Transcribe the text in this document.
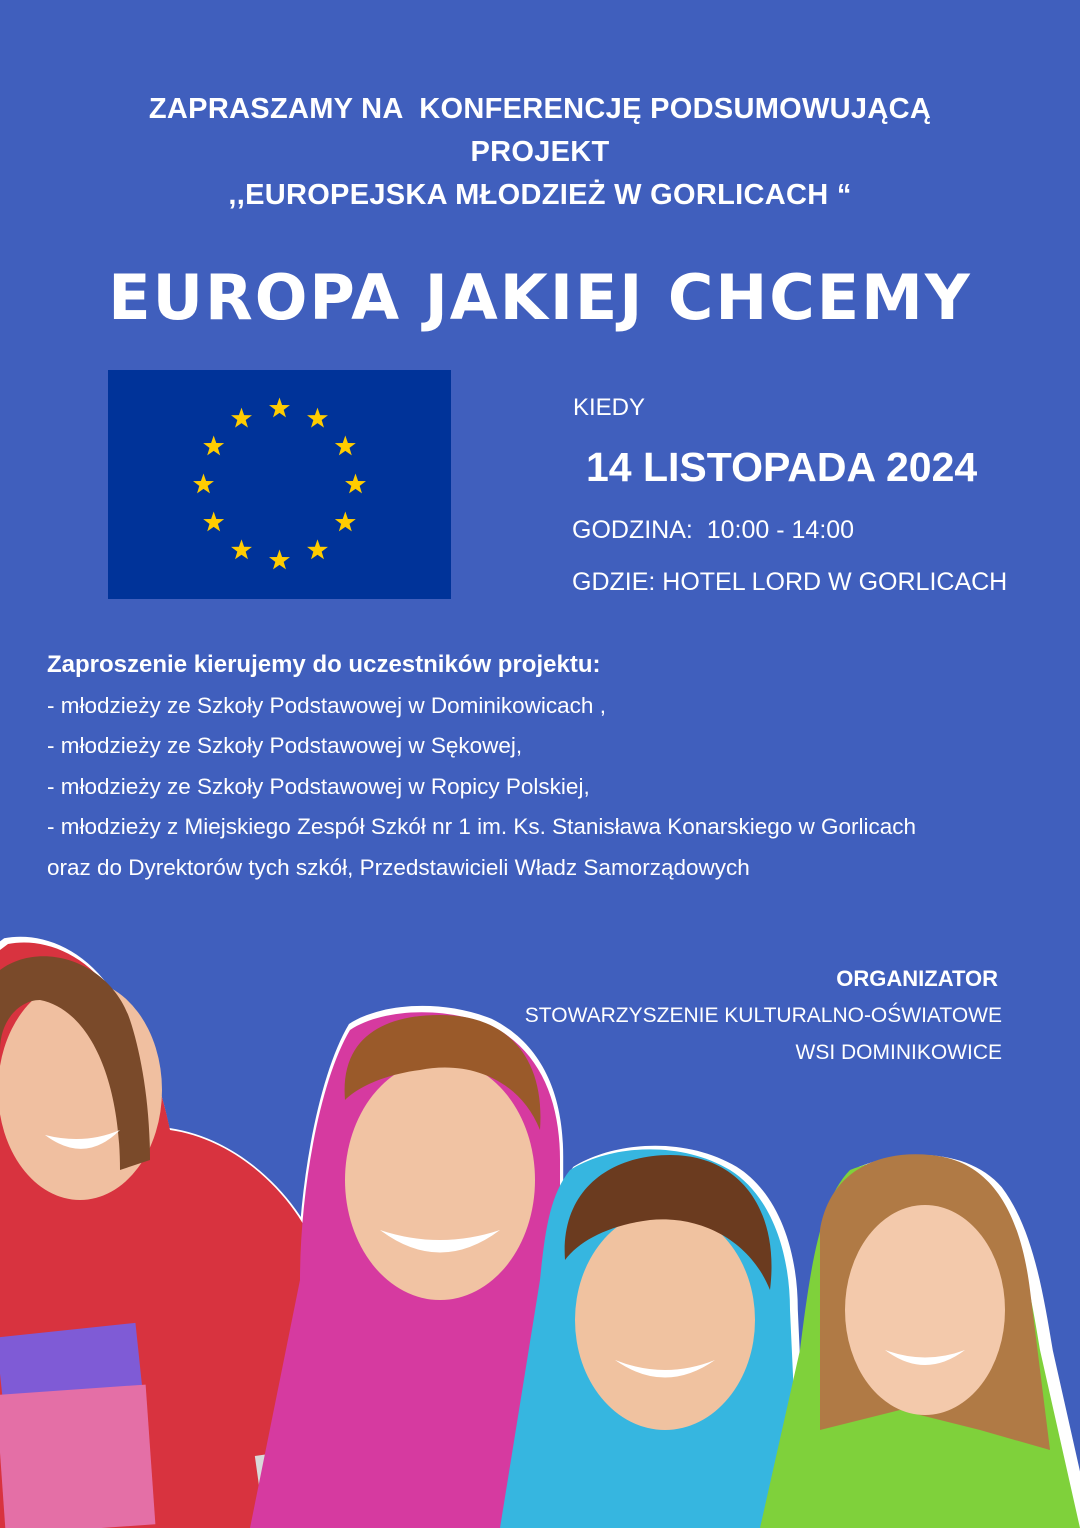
ZAPRASZAMY NA  KONFERENCJĘ PODSUMOWUJĄCĄ
PROJEKT
,,EUROPEJSKA MŁODZIEŻ W GORLICACH “
EUROPA JAKIEJ CHCEMY
KIEDY
14 LISTOPADA 2024
GODZINA:  10:00 - 14:00
GDZIE: HOTEL LORD W GORLICACH
Zaproszenie kierujemy do uczestników projektu:
- młodzieży ze Szkoły Podstawowej w Dominikowicach ,
- młodzieży ze Szkoły Podstawowej w Sękowej,
- młodzieży ze Szkoły Podstawowej w Ropicy Polskiej,
- młodzieży z Miejskiego Zespół Szkół nr 1 im. Ks. Stanisława Konarskiego w Gorlicach
oraz do Dyrektorów tych szkół, Przedstawicieli Władz Samorządowych
ORGANIZATOR
STOWARZYSZENIE KULTURALNO-OŚWIATOWE
WSI DOMINIKOWICE
